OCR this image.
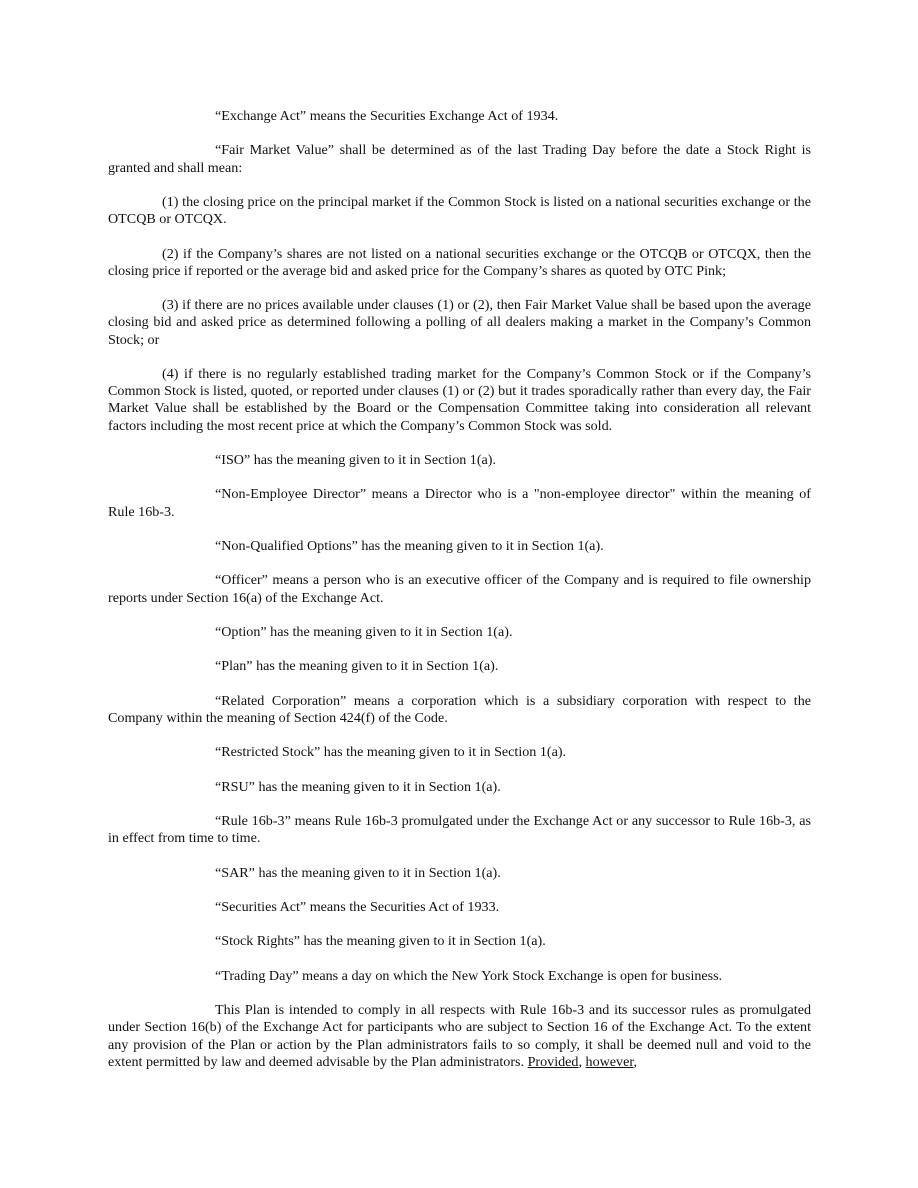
“Exchange Act” means the Securities Exchange Act of 1934.

“Fair Market Value” shall be determined as of the last Trading Day before the date a Stock Right is granted and shall mean:

(1) the closing price on the principal market if the Common Stock is listed on a national securities exchange or the OTCQB or OTCQX.

(2) if the Company’s shares are not listed on a national securities exchange or the OTCQB or OTCQX, then the closing price if reported or the average bid and asked price for the Company’s shares as quoted by OTC Pink;

(3) if there are no prices available under clauses (1) or (2), then Fair Market Value shall be based upon the average closing bid and asked price as determined following a polling of all dealers making a market in the Company’s Common Stock; or

(4) if there is no regularly established trading market for the Company’s Common Stock or if the Company’s Common Stock is listed, quoted, or reported under clauses (1) or (2) but it trades sporadically rather than every day, the Fair Market Value shall be established by the Board or the Compensation Committee taking into consideration all relevant factors including the most recent price at which the Company’s Common Stock was sold.

“ISO” has the meaning given to it in Section 1(a).

“Non-Employee Director” means a Director who is a "non-employee director" within the meaning of Rule 16b-3.

“Non-Qualified Options” has the meaning given to it in Section 1(a).

“Officer” means a person who is an executive officer of the Company and is required to file ownership reports under Section 16(a) of the Exchange Act.

“Option” has the meaning given to it in Section 1(a).

“Plan” has the meaning given to it in Section 1(a).

“Related Corporation” means a corporation which is a subsidiary corporation with respect to the Company within the meaning of Section 424(f) of the Code.

“Restricted Stock” has the meaning given to it in Section 1(a).

“RSU” has the meaning given to it in Section 1(a).

“Rule 16b-3” means Rule 16b-3 promulgated under the Exchange Act or any successor to Rule 16b-3, as in effect from time to time.

“SAR” has the meaning given to it in Section 1(a).

“Securities Act” means the Securities Act of 1933.

“Stock Rights” has the meaning given to it in Section 1(a).

“Trading Day” means a day on which the New York Stock Exchange is open for business.

This Plan is intended to comply in all respects with Rule 16b-3 and its successor rules as promulgated under Section 16(b) of the Exchange Act for participants who are subject to Section 16 of the Exchange Act. To the extent any provision of the Plan or action by the Plan administrators fails to so comply, it shall be deemed null and void to the extent permitted by law and deemed advisable by the Plan administrators. Provided, however,
